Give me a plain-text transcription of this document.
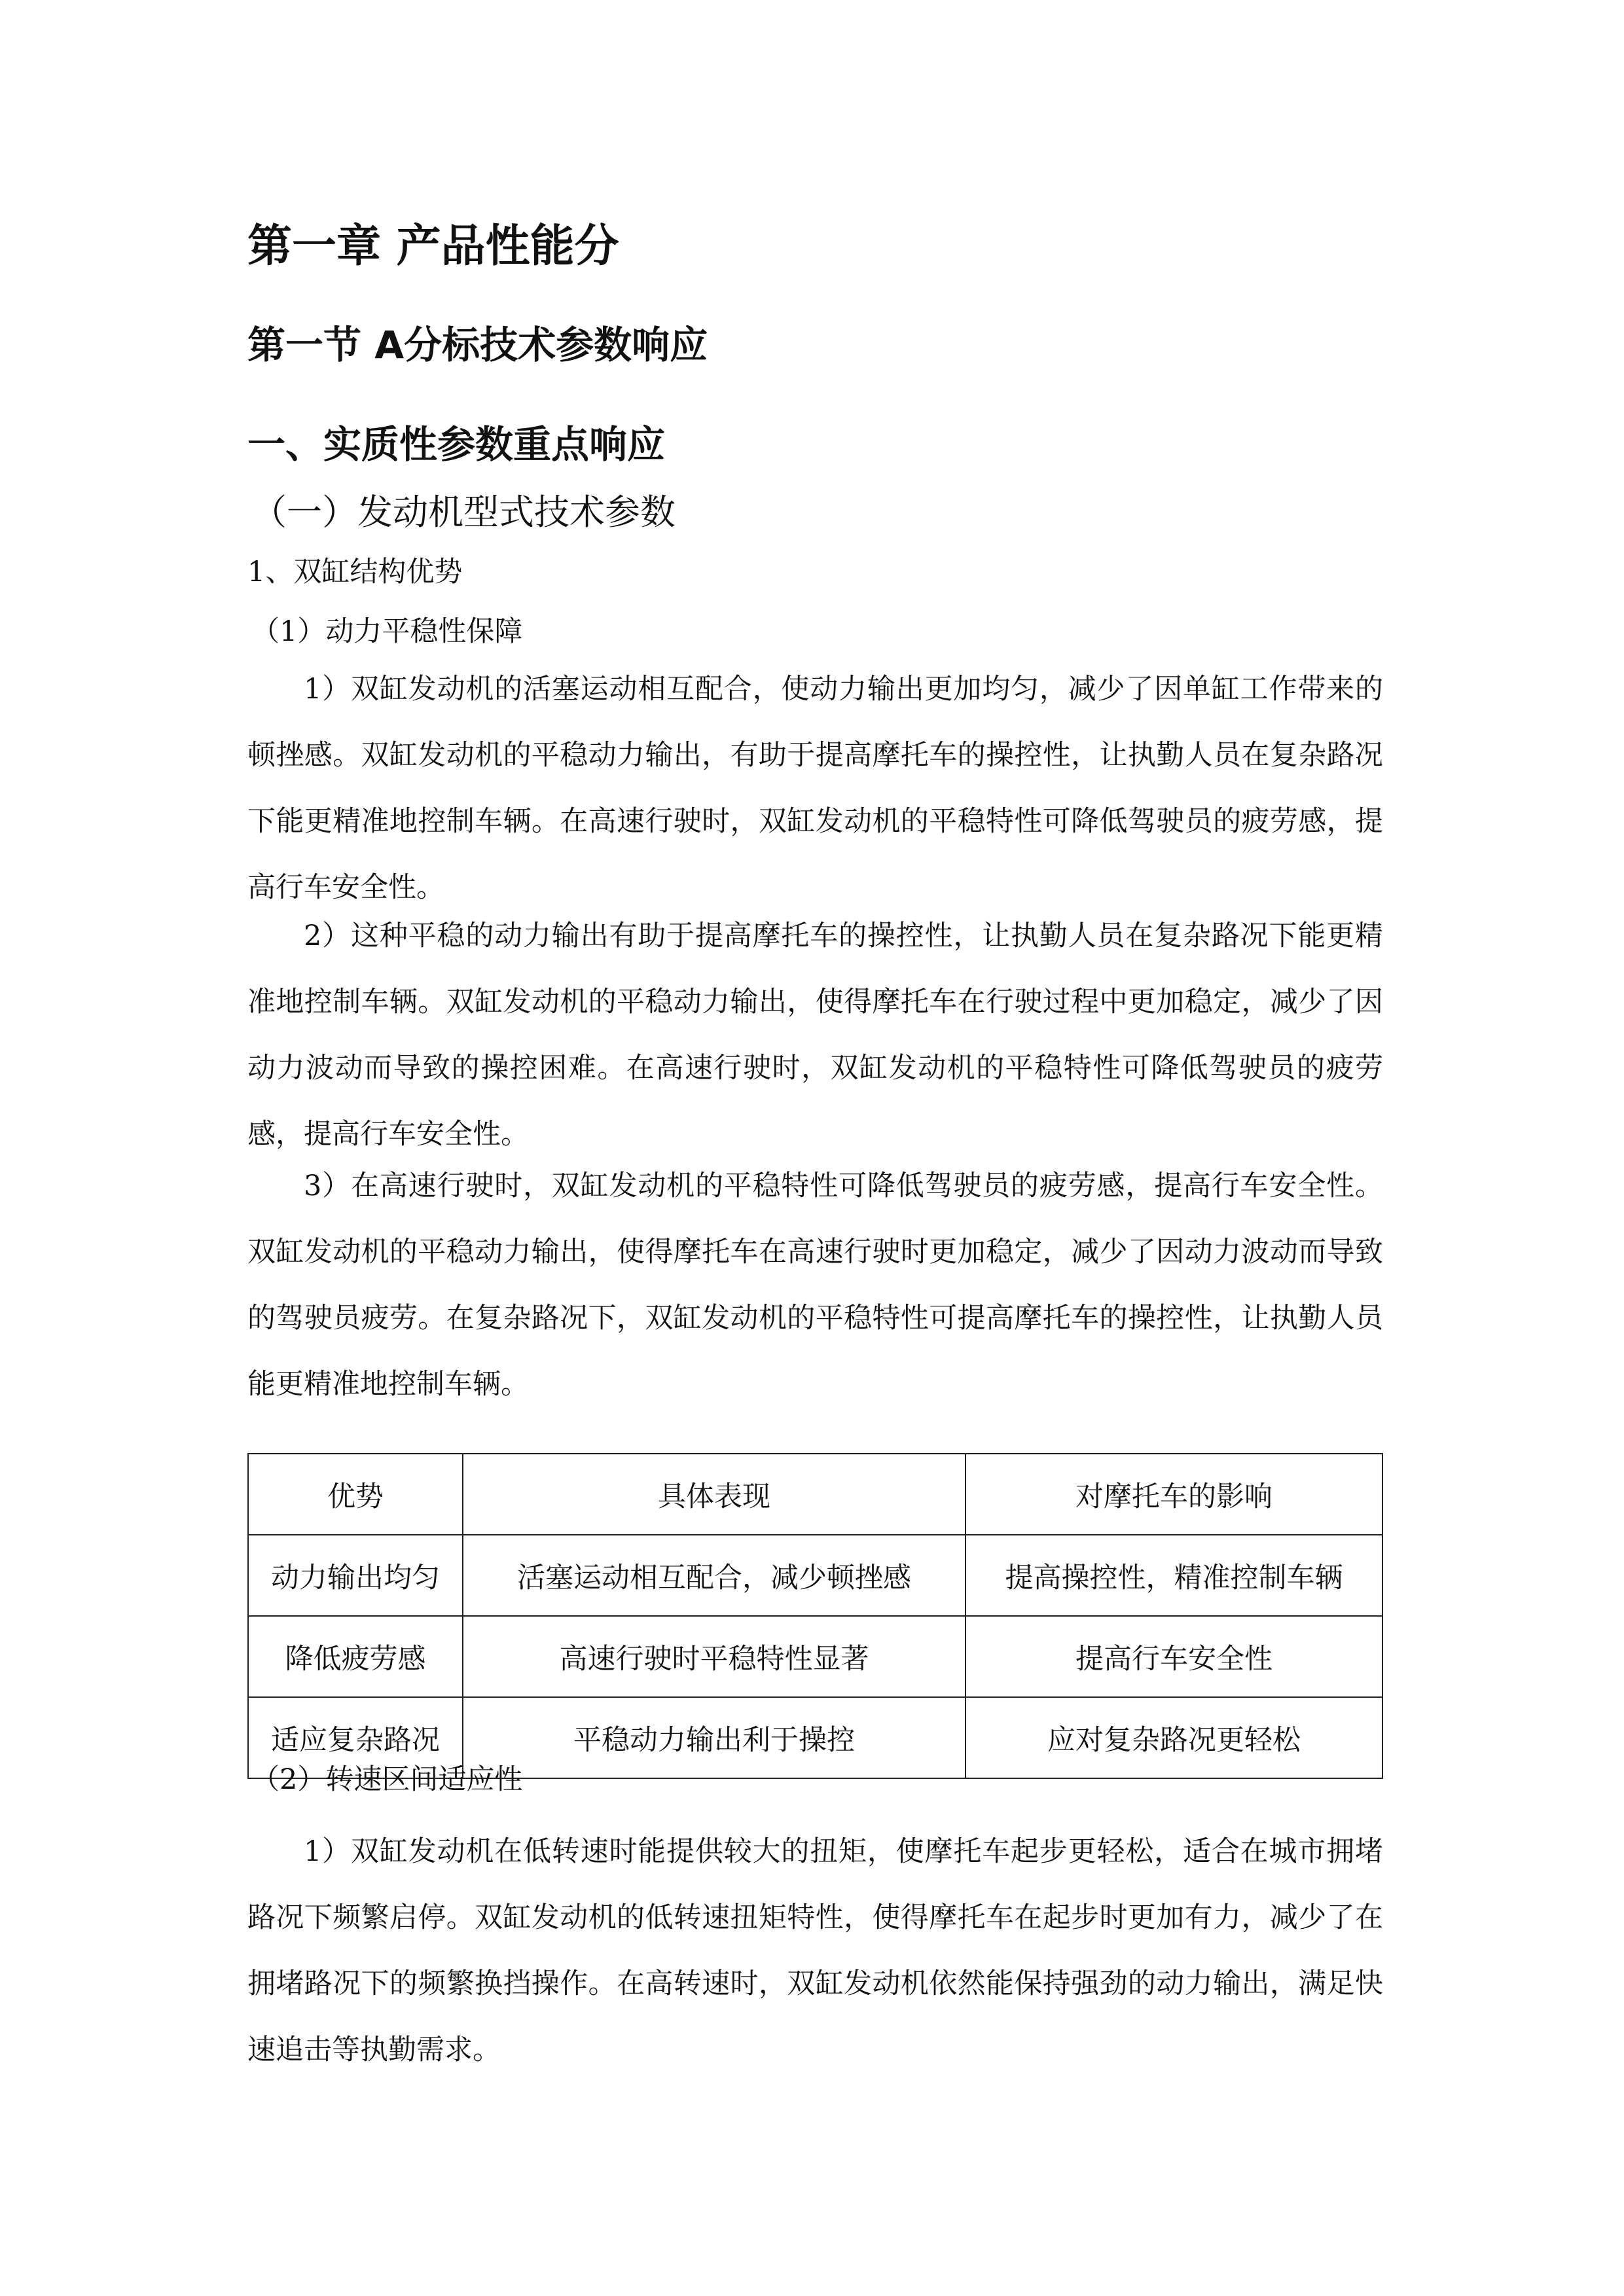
第一章 产品性能分
第一节 A分标技术参数响应
一、实质性参数重点响应
（一）发动机型式技术参数
1、双缸结构优势
（1）动力平稳性保障
1）双缸发动机的活塞运动相互配合，使动力输出更加均匀，减少了因单缸工作带来的顿挫感。双缸发动机的平稳动力输出，有助于提高摩托车的操控性，让执勤人员在复杂路况下能更精准地控制车辆。在高速行驶时，双缸发动机的平稳特性可降低驾驶员的疲劳感，提高行车安全性。
2）这种平稳的动力输出有助于提高摩托车的操控性，让执勤人员在复杂路况下能更精准地控制车辆。双缸发动机的平稳动力输出，使得摩托车在行驶过程中更加稳定，减少了因动力波动而导致的操控困难。在高速行驶时，双缸发动机的平稳特性可降低驾驶员的疲劳感，提高行车安全性。
3）在高速行驶时，双缸发动机的平稳特性可降低驾驶员的疲劳感，提高行车安全性。双缸发动机的平稳动力输出，使得摩托车在高速行驶时更加稳定，减少了因动力波动而导致的驾驶员疲劳。在复杂路况下，双缸发动机的平稳特性可提高摩托车的操控性，让执勤人员能更精准地控制车辆。
优势	具体表现	对摩托车的影响
动力输出均匀	活塞运动相互配合，减少顿挫感	提高操控性，精准控制车辆
降低疲劳感	高速行驶时平稳特性显著	提高行车安全性
适应复杂路况	平稳动力输出利于操控	应对复杂路况更轻松
（2）转速区间适应性
1）双缸发动机在低转速时能提供较大的扭矩，使摩托车起步更轻松，适合在城市拥堵路况下频繁启停。双缸发动机的低转速扭矩特性，使得摩托车在起步时更加有力，减少了在拥堵路况下的频繁换挡操作。在高转速时，双缸发动机依然能保持强劲的动力输出，满足快速追击等执勤需求。
